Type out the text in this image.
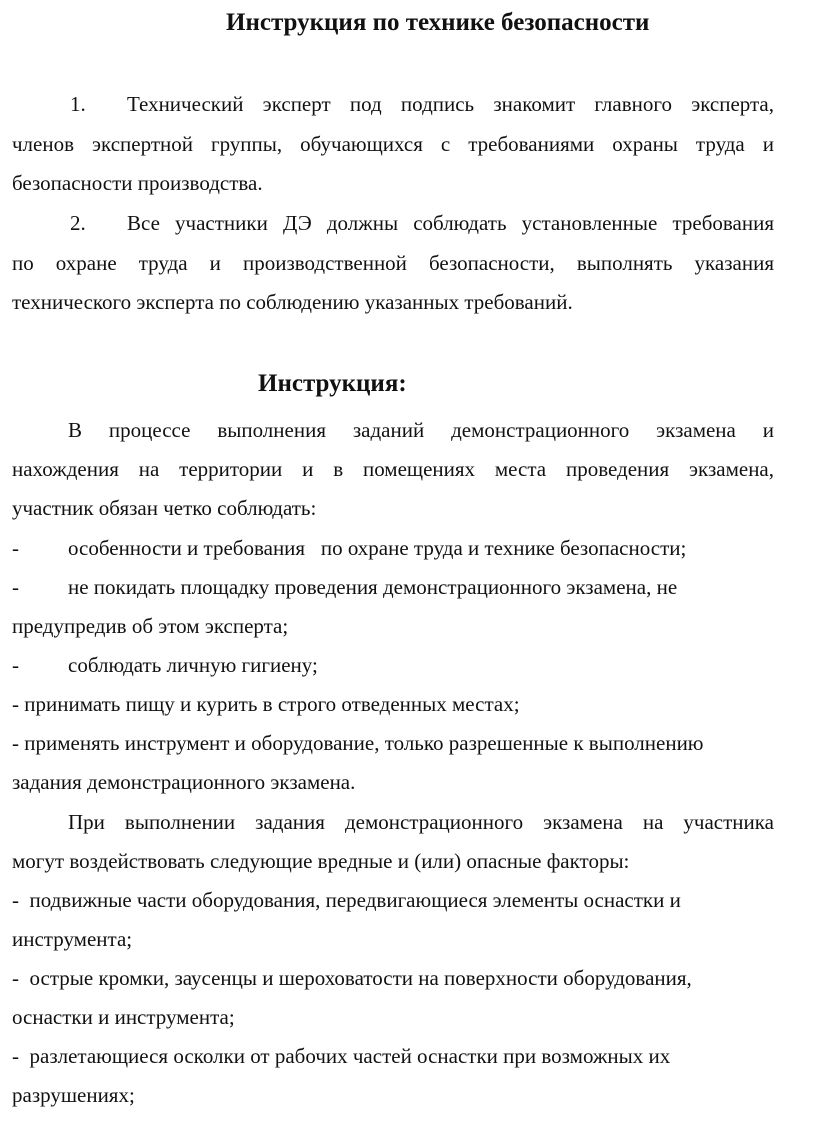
Инструкция по технике безопасности

1. Технический эксперт под подпись знакомит главного эксперта,

членов экспертной группы, обучающихся с требованиями охраны труда и

безопасности производства.

2. Все участники ДЭ должны соблюдать установленные требования

по охране труда и производственной безопасности, выполнять указания

технического эксперта по соблюдению указанных требований.

Инструкция:

В процессе выполнения заданий демонстрационного экзамена и

нахождения на территории и в помещениях места проведения экзамена,

участник обязан четко соблюдать:

- особенности и требования   по охране труда и технике безопасности;
- не покидать площадку проведения демонстрационного экзамена, не

предупредив об этом эксперта;

- соблюдать личную гигиену;

- принимать пищу и курить в строго отведенных местах;

- применять инструмент и оборудование, только разрешенные к выполнению

задания демонстрационного экзамена.

При выполнении задания демонстрационного экзамена на участника

могут воздействовать следующие вредные и (или) опасные факторы:

-  подвижные части оборудования, передвигающиеся элементы оснастки и

инструмента;

-  острые кромки, заусенцы и шероховатости на поверхности оборудования,

оснастки и инструмента;

-  разлетающиеся осколки от рабочих частей оснастки при возможных их

разрушениях;
